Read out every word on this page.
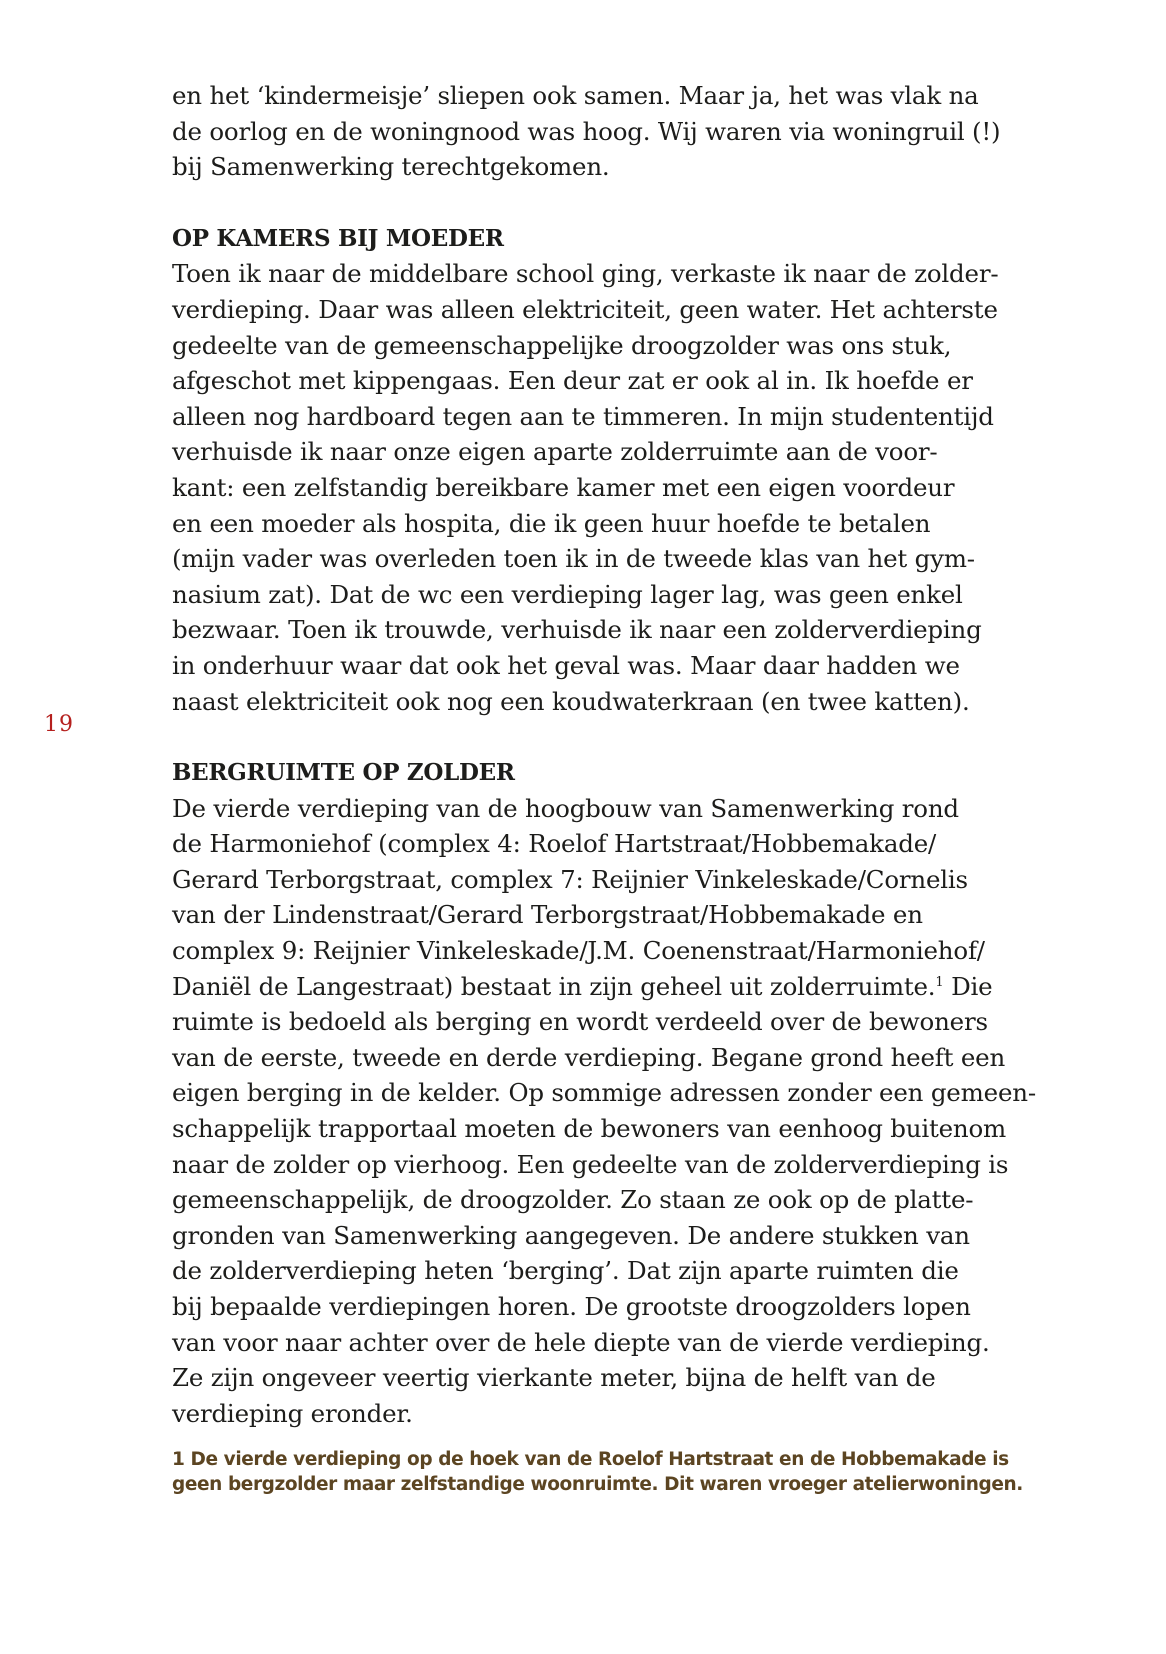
19
en het ‘kindermeisje’ sliepen ook samen. Maar ja, het was vlak na
de oorlog en de woningnood was hoog. Wij waren via woningruil (!)
bij Samenwerking terechtgekomen.
OP KAMERS BIJ MOEDER
Toen ik naar de middelbare school ging, verkaste ik naar de zolder-
verdieping. Daar was alleen elektriciteit, geen water. Het achterste
gedeelte van de gemeenschappelijke droogzolder was ons stuk,
afgeschot met kippengaas. Een deur zat er ook al in. Ik hoefde er
alleen nog hardboard tegen aan te timmeren. In mijn studententijd
verhuisde ik naar onze eigen aparte zolderruimte aan de voor-
kant: een zelfstandig bereikbare kamer met een eigen voordeur
en een moeder als hospita, die ik geen huur hoefde te betalen
(mijn vader was overleden toen ik in de tweede klas van het gym-
nasium zat). Dat de wc een verdieping lager lag, was geen enkel
bezwaar. Toen ik trouwde, verhuisde ik naar een zolderverdieping
in onderhuur waar dat ook het geval was. Maar daar hadden we
naast elektriciteit ook nog een koudwaterkraan (en twee katten).
BERGRUIMTE OP ZOLDER
De vierde verdieping van de hoogbouw van Samenwerking rond
de Harmoniehof (complex 4: Roelof Hartstraat/Hobbemakade/
Gerard Terborgstraat, complex 7: Reijnier Vinkeleskade/Cornelis
van der Lindenstraat/Gerard Terborgstraat/Hobbemakade en
complex 9: Reijnier Vinkeleskade/J.M. Coenenstraat/Harmoniehof/
Daniël de Langestraat) bestaat in zijn geheel uit zolderruimte.$^1$ Die
ruimte is bedoeld als berging en wordt verdeeld over de bewoners
van de eerste, tweede en derde verdieping. Begane grond heeft een
eigen berging in de kelder. Op sommige adressen zonder een gemeen-
schappelijk trapportaal moeten de bewoners van eenhoog buitenom
naar de zolder op vierhoog. Een gedeelte van de zolderverdieping is
gemeenschappelijk, de droogzolder. Zo staan ze ook op de platte-
gronden van Samenwerking aangegeven. De andere stukken van
de zolderverdieping heten ‘berging’. Dat zijn aparte ruimten die
bij bepaalde verdiepingen horen. De grootste droogzolders lopen
van voor naar achter over de hele diepte van de vierde verdieping.
Ze zijn ongeveer veertig vierkante meter, bijna de helft van de
verdieping eronder.
1 De vierde verdieping op de hoek van de Roelof Hartstraat en de Hobbemakade is
geen bergzolder maar zelfstandige woonruimte. Dit waren vroeger atelierwoningen.
